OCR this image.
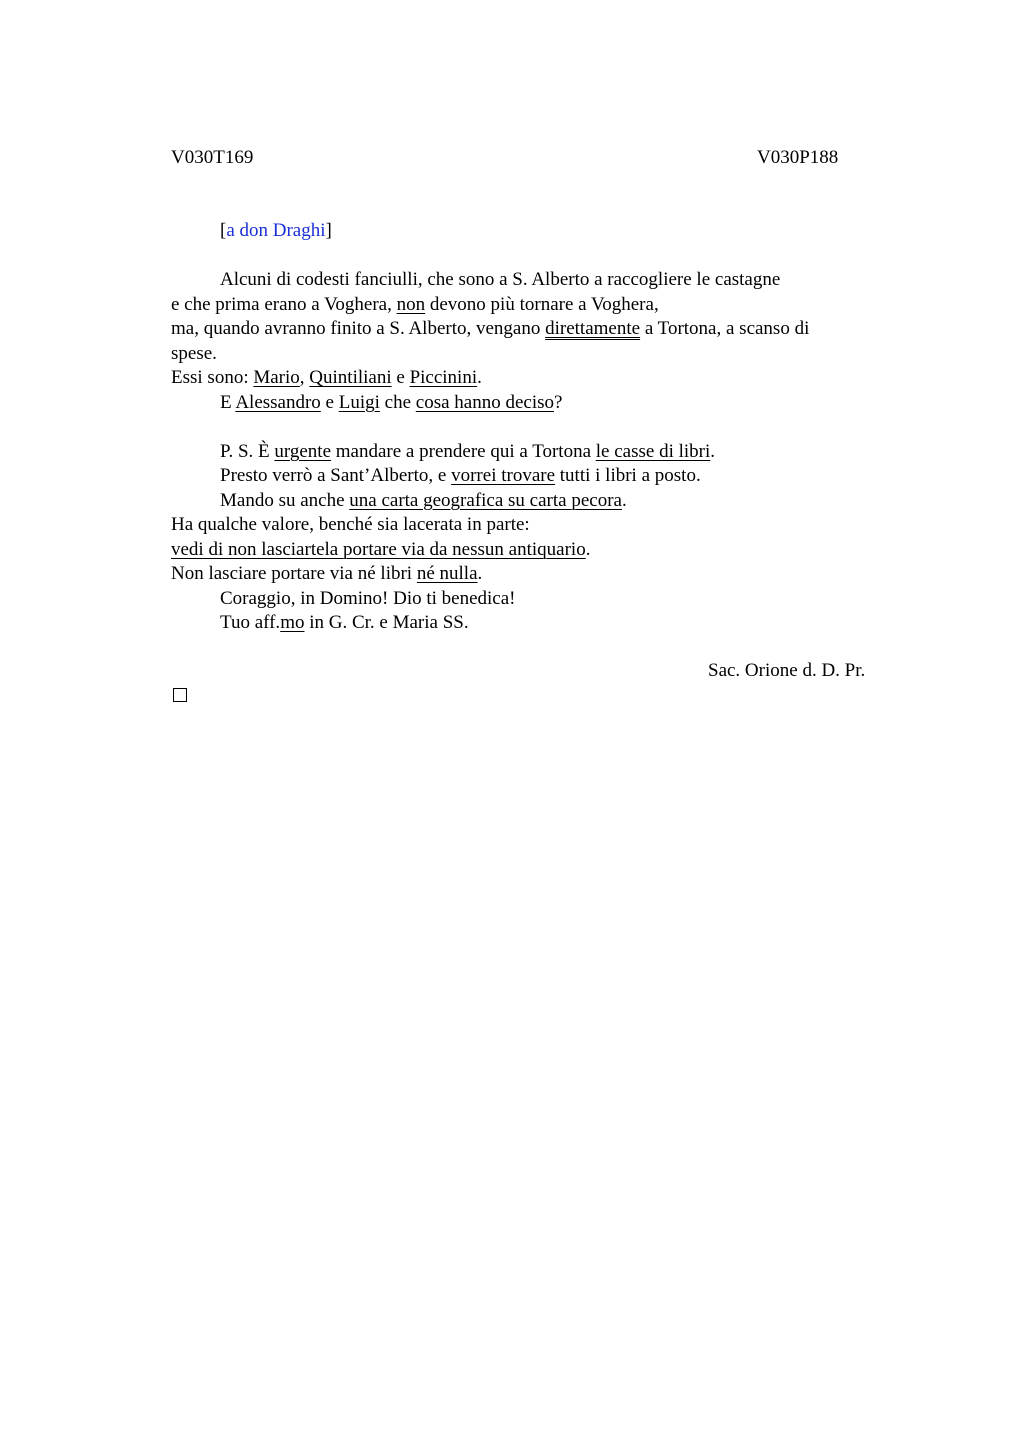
V030T169	V030P188
[a don Draghi]
Alcuni di codesti fanciulli, che sono a S. Alberto a raccogliere le castagne
e che prima erano a Voghera, non devono più tornare a Voghera,
ma, quando avranno finito a S. Alberto, vengano direttamente a Tortona, a scanso di
spese.
Essi sono: Mario, Quintiliani e Piccinini.
E Alessandro e Luigi che cosa hanno deciso?
P. S. È urgente mandare a prendere qui a Tortona le casse di libri.
Presto verrò a Sant’Alberto, e vorrei trovare tutti i libri a posto.
Mando su anche una carta geografica su carta pecora.
Ha qualche valore, benché sia lacerata in parte:
vedi di non lasciartela portare via da nessun antiquario.
Non lasciare portare via né libri né nulla.
Coraggio, in Domino! Dio ti benedica!
Tuo aff.mo in G. Cr. e Maria SS.
Sac. Orione d. D. Pr.
